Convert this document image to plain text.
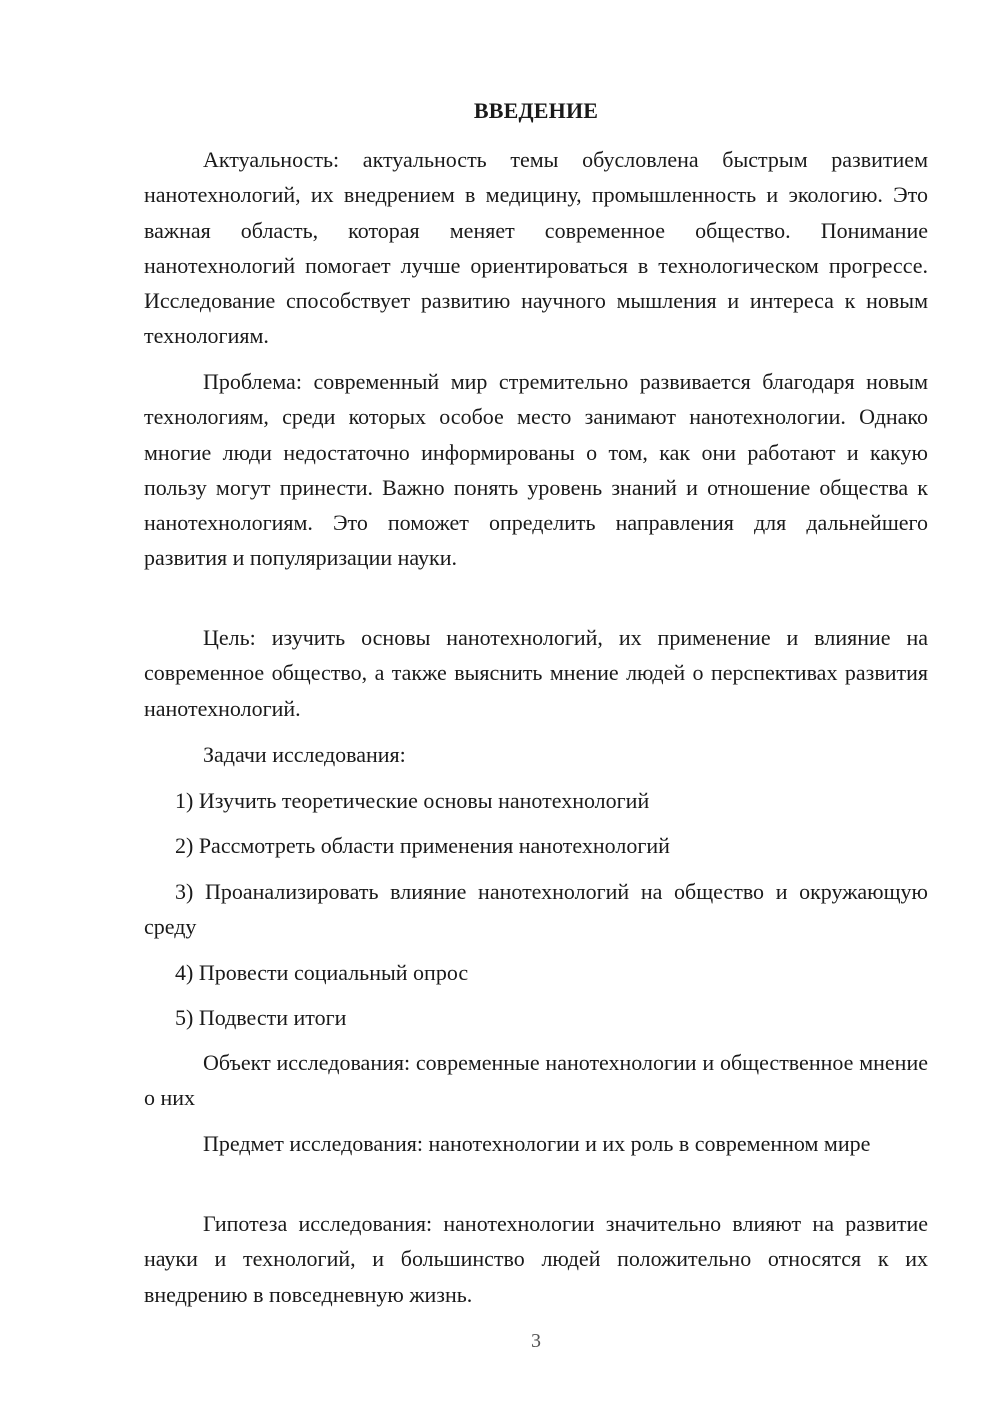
ВВЕДЕНИЕ

Актуальность: актуальность темы обусловлена быстрым развитием нанотехнологий, их внедрением в медицину, промышленность и экологию. Это важная область, которая меняет современное общество. Понимание нанотехнологий помогает лучше ориентироваться в технологическом прогрессе. Исследование способствует развитию научного мышления и интереса к новым технологиям.

Проблема: современный мир стремительно развивается благодаря новым технологиям, среди которых особое место занимают нанотехнологии. Однако многие люди недостаточно информированы о том, как они работают и какую пользу могут принести. Важно понять уровень знаний и отношение общества к нанотехнологиям. Это поможет определить направления для дальнейшего развития и популяризации науки.

Цель: изучить основы нанотехнологий, их применение и влияние на современное общество, а также выяснить мнение людей о перспективах развития нанотехнологий.

Задачи исследования:

1) Изучить теоретические основы нанотехнологий

2) Рассмотреть области применения нанотехнологий

3) Проанализировать влияние нанотехнологий на общество и окружающую среду

4) Провести социальный опрос

5) Подвести итоги

Объект исследования: современные нанотехнологии и общественное мнение о них

Предмет исследования: нанотехнологии и их роль в современном мире

Гипотеза исследования: нанотехнологии значительно влияют на развитие науки и технологий, и большинство людей положительно относятся к их внедрению в повседневную жизнь.

3
